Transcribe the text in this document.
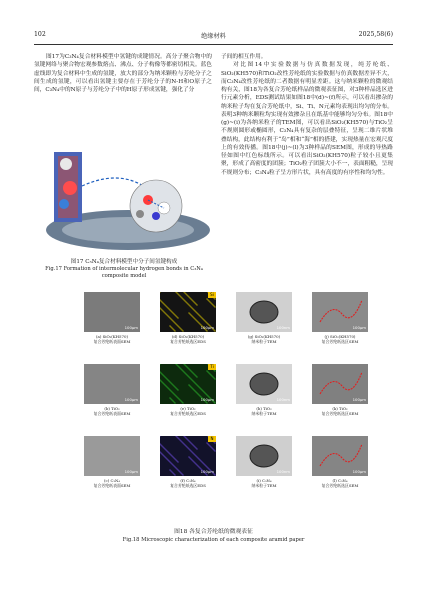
102	绝缘材料	2025,58(6)

图17为C₃N₄复合材料模型中氢键的成键情况。高分子聚合物中的氢键网络与聚合物宏观参数熔点、沸点、分子构像等都密切相关。蓝色虚线即为复合材料中生成的氢键，放大的部分为纳米颗粒与芳纶分子之间生成的氢键，可以看出氢键主要存在于芳纶分子的N-H和O原子之间，C₃N₄中的N原子与芳纶分子中的H原子形成氢键，强化了分

图17 C₃N₄复合材料模型中分子间氢键构成
Fig.17 Formation of intermolecular hydrogen bonds in C₃N₄ composite model

子间的相互作用。

对比图14中实验数据与仿真数据发现，纯芳纶纸、SiO₂(KH570)和TiO₂改性芳纶纸的实验数据与仿真数据差异不大，而C₃N₄改性芳纶纸的二者数据有明显差距。这与纳米颗粒的微观结构有关，图18为各复合芳纶纸样品的微观表征图，对3种样品选区进行元素分析，EDS测试结果如图18中(d)~(f)所示，可以看出掺杂的纳米粒子均在复合芳纶纸中，Si、Ti、N元素均表现出均匀的分布。表明3种纳米颗粒均实现有效掺杂且在纸基中能够均匀分布。图18中(g)~(i)为各纳米粒子的TEM图，可以看出SiO₂(KH570)与TiO₂呈不规则圆形或椭圆形，C₃N₄具有复杂的层叠特征，呈现二维片状堆叠结构，此结构有利于“岛”相和“海”相的搭建，实现热量在宏观尺度上的有效传播。图18中(j)~(l)为3种样品的SEM图，形成的导热路径如图中红色标线所示。可以看出SiO₂(KH570)粒子较小且更集聚，形成了高密度的团簇；TiO₂粒子团簇大小不一，表面粗糙，呈现不规则分布；C₃N₄粒子呈方形片状，具有高度的有序性和均匀性。

100μm
(a) SiO₂(KH570)
复合芳纶纸表面SEM
100μm
Si
(d) SiO₂(KH570)
复合芳纶纸选区EDS
100nm
(g) SiO₂(KH570)
纳米粒子TEM
100μm
(j) SiO₂(KH570)
复合芳纶纸选区SEM
100μm
(b) TiO₂
复合芳纶纸表面SEM
100μm
Ti
(e) TiO₂
复合芳纶纸选区EDS
100nm
(h) TiO₂
纳米粒子TEM
100μm
(k) TiO₂
复合芳纶纸选区SEM
100μm
(c) C₃N₄
复合芳纶纸表面SEM
100μm
N
(f) C₃N₄
复合芳纶纸选区EDS
100nm
(i) C₃N₄
纳米粒子TEM
100μm
(l) C₃N₄
复合芳纶纸选区SEM
图18 各复合芳纶纸的微观表征
Fig.18 Microscopic characterization of each composite aramid paper
